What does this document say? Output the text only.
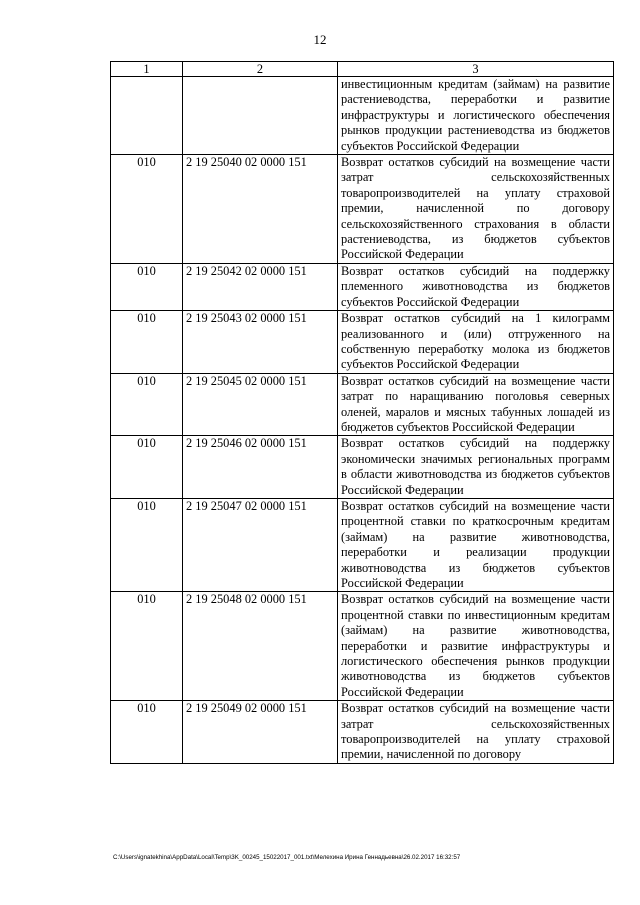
12
1	2	3
		инвестиционным кредитам (займам) на развитие растениеводства, переработки и развитие инфраструктуры и логистического обеспечения рынков продукции растениеводства из бюджетов субъектов Российской Федерации
010	2 19 25040 02 0000 151	Возврат остатков субсидий на возмещение части затрат сельскохозяйственных товаропроизводителей на уплату страховой премии, начисленной по договору сельскохозяйственного страхования в области растениеводства, из бюджетов субъектов Российской Федерации
010	2 19 25042 02 0000 151	Возврат остатков субсидий на поддержку племенного животноводства из бюджетов субъектов Российской Федерации
010	2 19 25043 02 0000 151	Возврат остатков субсидий на 1 килограмм реализованного и (или) отгруженного на собственную переработку молока из бюджетов субъектов Российской Федерации
010	2 19 25045 02 0000 151	Возврат остатков субсидий на возмещение части затрат по наращиванию поголовья северных оленей, маралов и мясных табунных лошадей из бюджетов субъектов Российской Федерации
010	2 19 25046 02 0000 151	Возврат остатков субсидий на поддержку экономически значимых региональных программ в области животноводства из бюджетов субъектов Российской Федерации
010	2 19 25047 02 0000 151	Возврат остатков субсидий на возмещение части процентной ставки по краткосрочным кредитам (займам) на развитие животноводства, переработки и реализации продукции животноводства из бюджетов субъектов Российской Федерации
010	2 19 25048 02 0000 151	Возврат остатков субсидий на возмещение части процентной ставки по инвестиционным кредитам (займам) на развитие животноводства, переработки и развитие инфраструктуры и логистического обеспечения рынков продукции животноводства из бюджетов субъектов Российской Федерации
010	2 19 25049 02 0000 151	Возврат остатков субсидий на возмещение части затрат сельскохозяйственных товаропроизводителей на уплату страховой премии, начисленной по договору
C:\Users\ignatekhina\AppData\Local\Temp\3K_00245_15022017_001.txt\Мелехина Ирина Геннадьевна\26.02.2017 16:32:57
